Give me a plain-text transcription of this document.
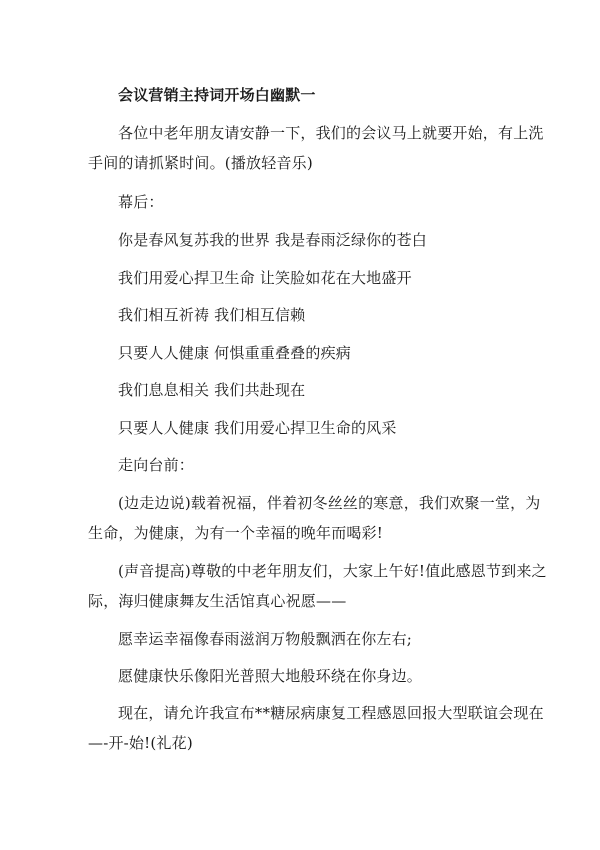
会议营销主持词开场白幽默一
各位中老年朋友请安静一下，我们的会议马上就要开始，有上洗
手间的请抓紧时间。(播放轻音乐)
幕后：
你是春风复苏我的世界 我是春雨泛绿你的苍白
我们用爱心捍卫生命 让笑脸如花在大地盛开
我们相互祈祷 我们相互信赖
只要人人健康 何惧重重叠叠的疾病
我们息息相关 我们共赴现在
只要人人健康 我们用爱心捍卫生命的风采
走向台前：
(边走边说)载着祝福，伴着初冬丝丝的寒意，我们欢聚一堂，为
生命，为健康，为有一个幸福的晚年而喝彩!
(声音提高)尊敬的中老年朋友们，大家上午好!值此感恩节到来之
际，海归健康舞友生活馆真心祝愿——
愿幸运幸福像春雨滋润万物般飘洒在你左右;
愿健康快乐像阳光普照大地般环绕在你身边。
现在，请允许我宣布**糖尿病康复工程感恩回报大型联谊会现在
—-开-始!(礼花)
